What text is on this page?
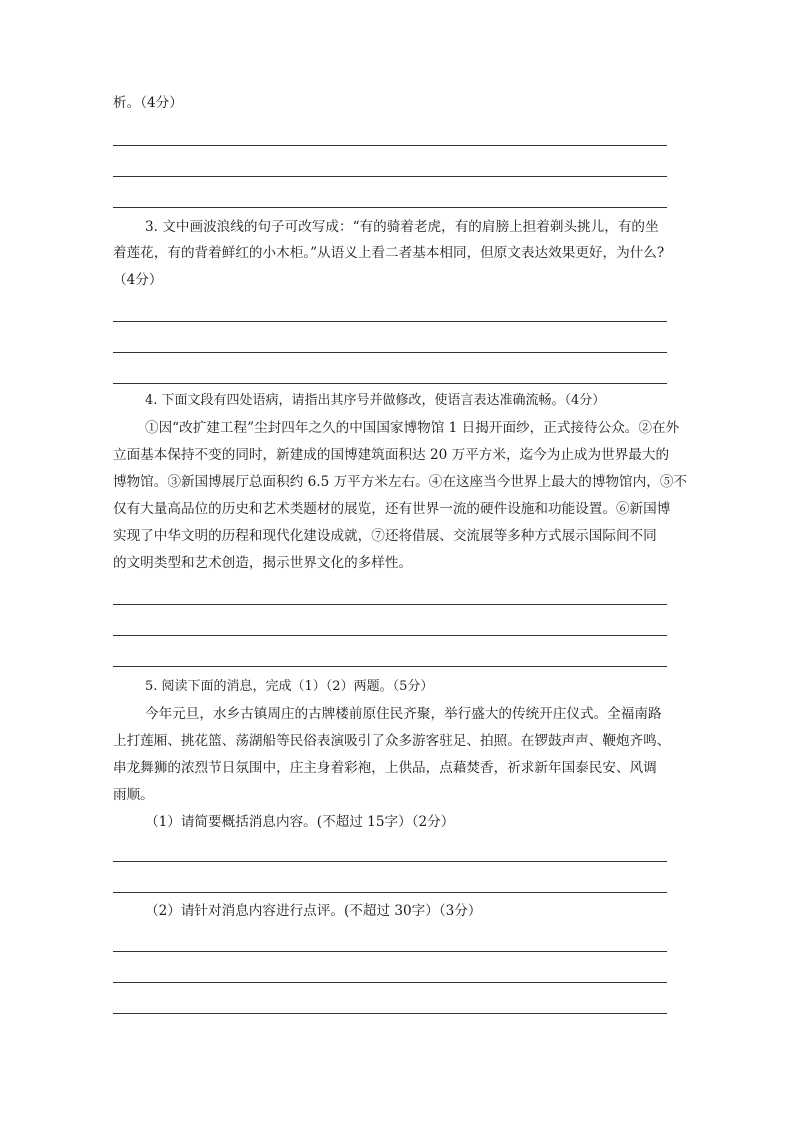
析。（4分）
3. 文中画波浪线的句子可改写成：“有的骑着老虎，有的肩膀上担着剃头挑儿，有的坐
着莲花，有的背着鲜红的小木柜。”从语义上看二者基本相同，但原文表达效果更好，为什么?
（4分）
4. 下面文段有四处语病，请指出其序号并做修改，使语言表达准确流畅。（4分）
①因“改扩建工程”尘封四年之久的中国国家博物馆 1 日揭开面纱，正式接待公众。②在外
立面基本保持不变的同时，新建成的国博建筑面积达 20 万平方米，迄今为止成为世界最大的
博物馆。③新国博展厅总面积约 6.5 万平方米左右。④在这座当今世界上最大的博物馆内，⑤不
仅有大量高品位的历史和艺术类题材的展览，还有世界一流的硬件设施和功能设置。⑥新国博
实现了中华文明的历程和现代化建设成就，⑦还将借展、交流展等多种方式展示国际间不同
的文明类型和艺术创造，揭示世界文化的多样性。
5. 阅读下面的消息，完成（1）（2）两题。（5分）
今年元旦，水乡古镇周庄的古牌楼前原住民齐聚，举行盛大的传统开庄仪式。全福南路
上打莲厢、挑花篮、荡湖船等民俗表演吸引了众多游客驻足、拍照。在锣鼓声声、鞭炮齐鸣、
串龙舞狮的浓烈节日氛围中，庄主身着彩袍，上供品，点藉焚香，祈求新年国泰民安、风调
雨顺。
（1）请简要概括消息内容。(不超过 15字）（2分）
（2）请针对消息内容进行点评。(不超过 30字）（3分）
